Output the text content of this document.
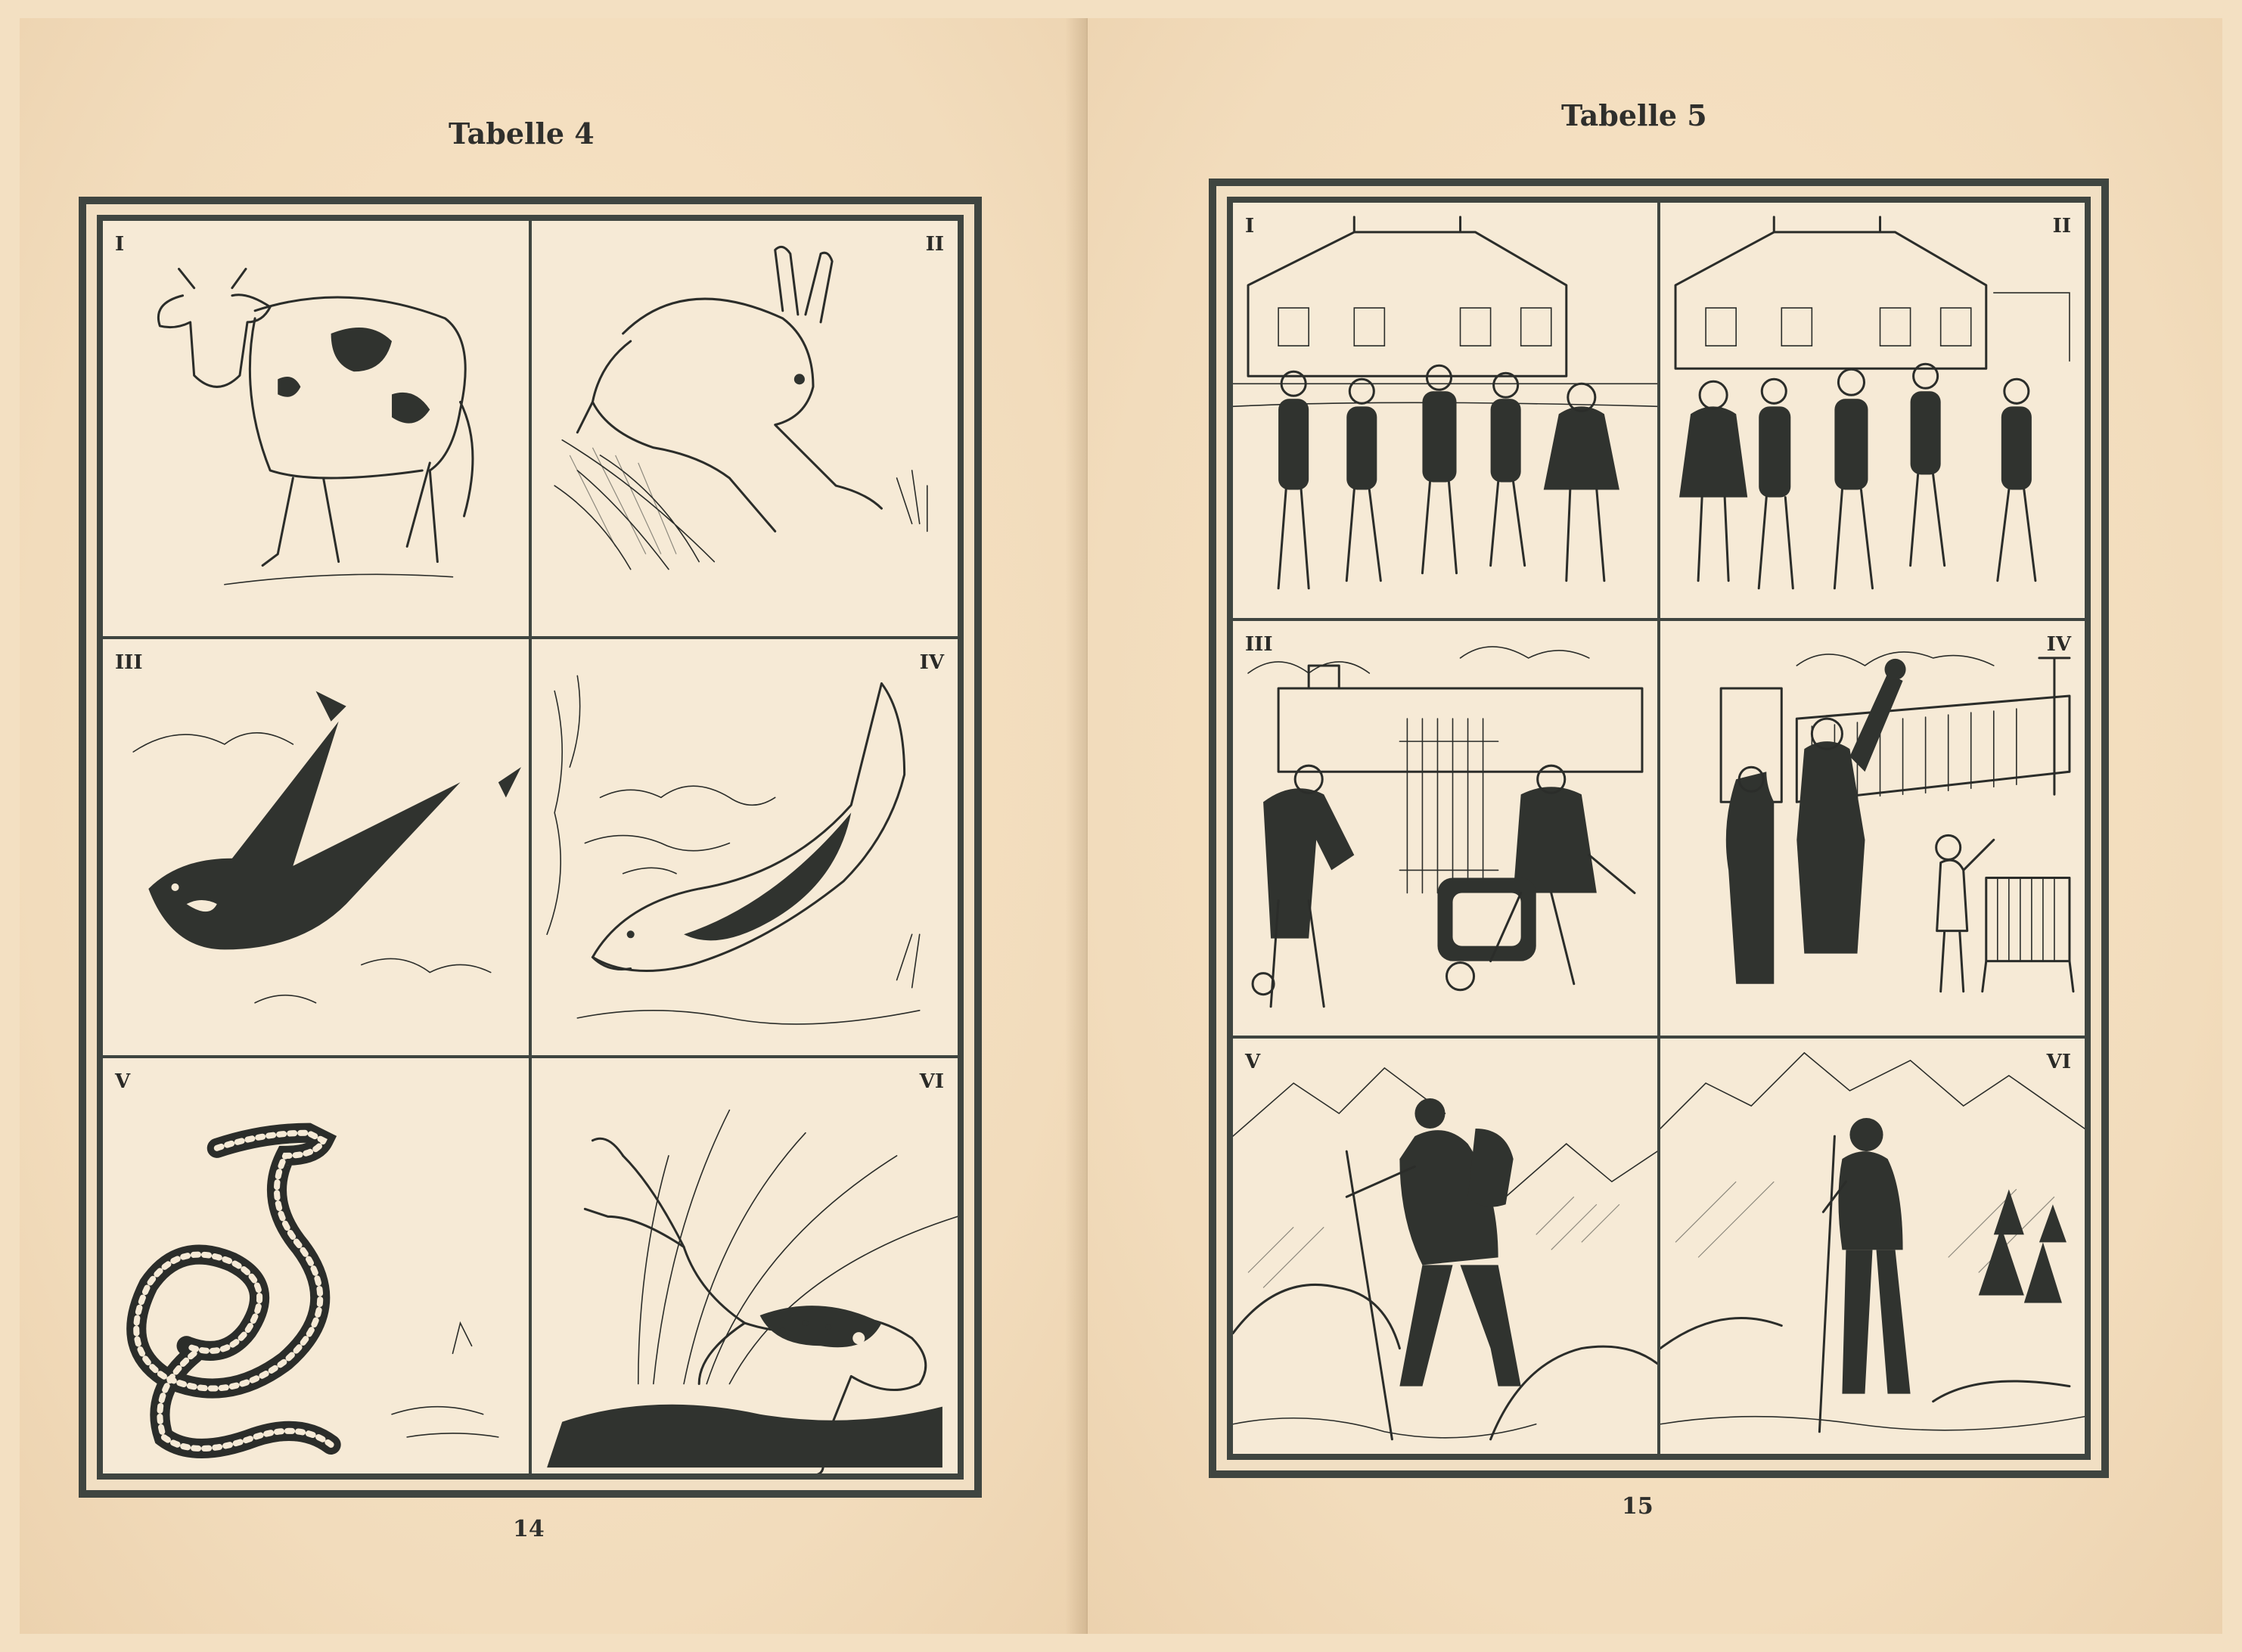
Tabelle 4
I	II
III	IV
V	VI
14
Tabelle 5
I	II
III	IV
V	VI
15
